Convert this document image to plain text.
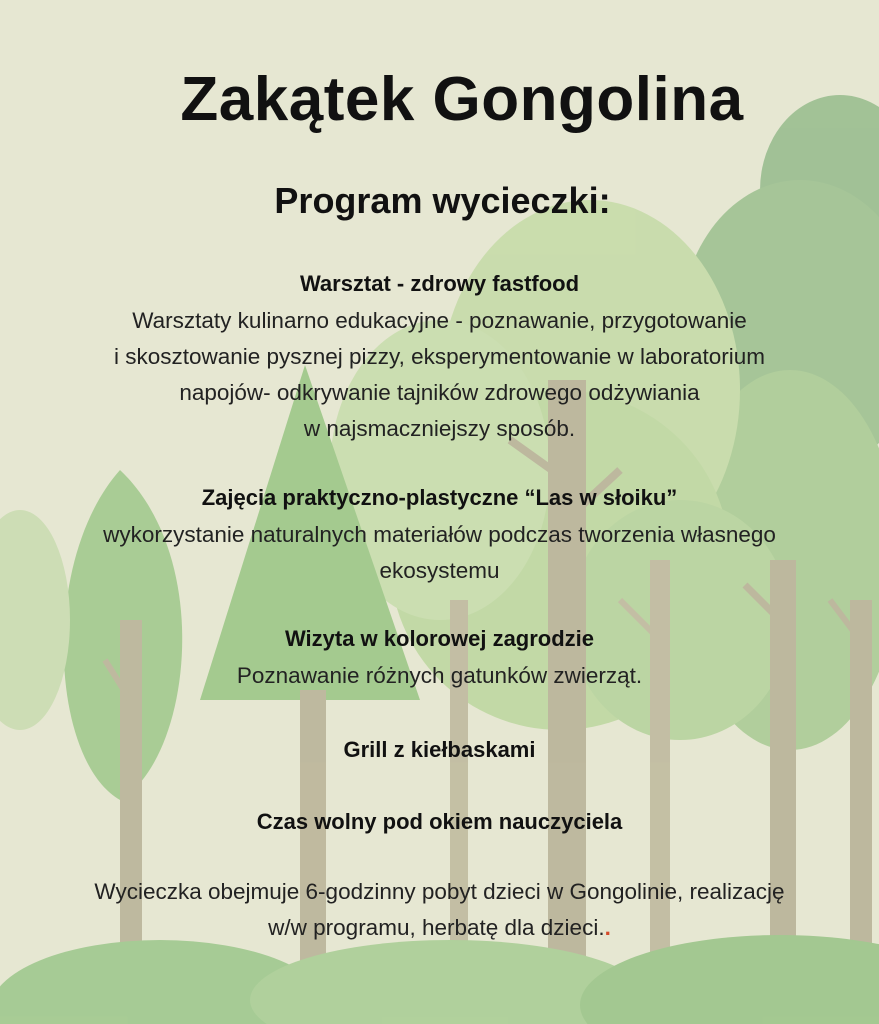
Zakątek Gongolina
Program wycieczki:
Warsztat - zdrowy fastfood
Warsztaty kulinarno edukacyjne - poznawanie, przygotowanie
i skosztowanie pysznej pizzy, eksperymentowanie w laboratorium
napojów- odkrywanie tajników zdrowego odżywiania
w najsmaczniejszy sposób.
Zajęcia praktyczno-plastyczne “Las w słoiku”
wykorzystanie naturalnych materiałów podczas tworzenia własnego
ekosystemu
Wizyta w kolorowej zagrodzie
Poznawanie różnych gatunków zwierząt.
Grill z kiełbaskami
Czas wolny pod okiem nauczyciela
Wycieczka obejmuje 6-godzinny pobyt dzieci w Gongolinie, realizację
w/w programu, herbatę dla dzieci..
